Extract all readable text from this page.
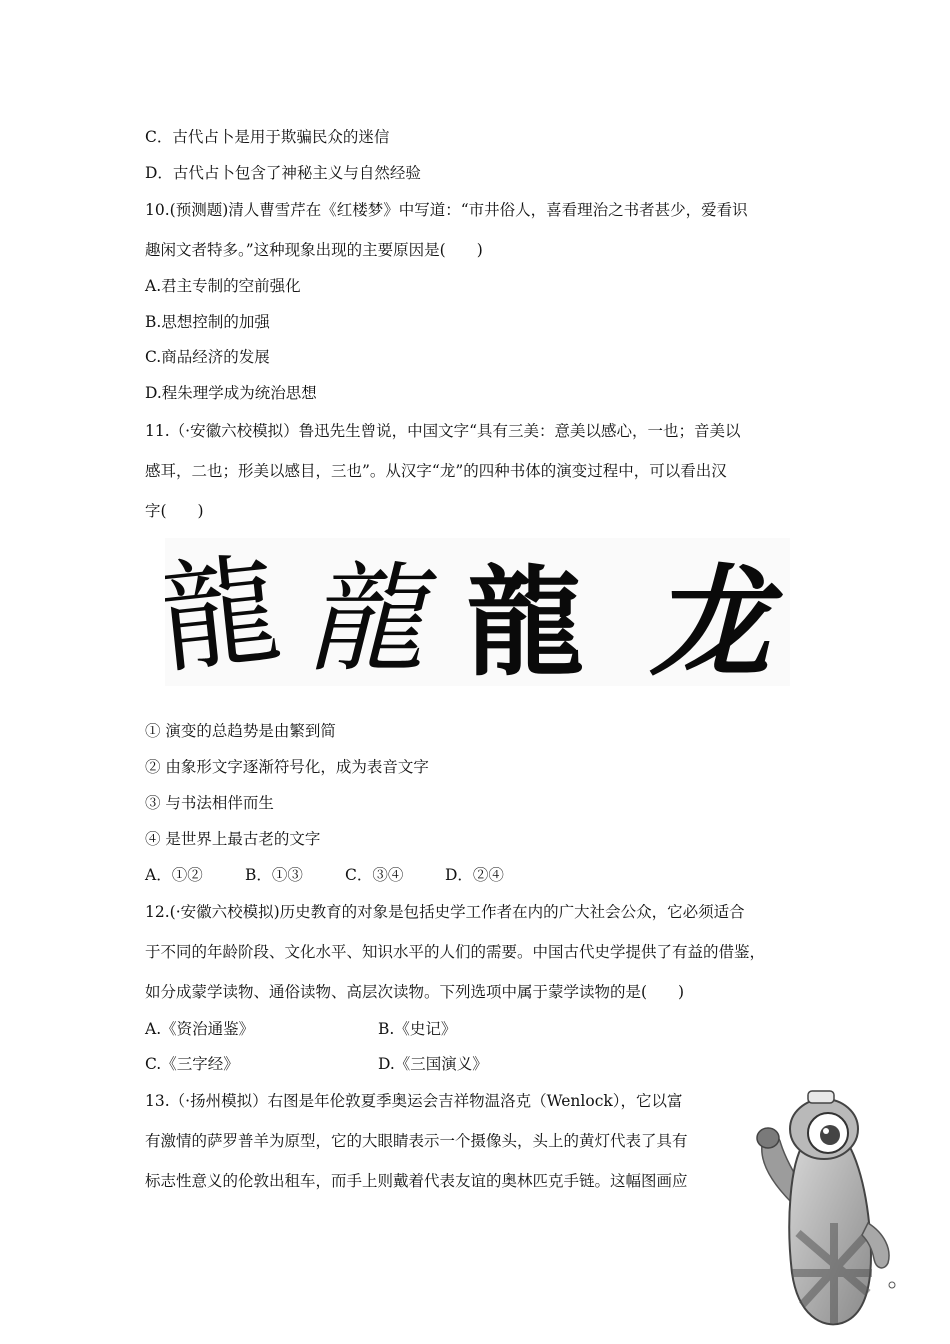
C．古代占卜是用于欺骗民众的迷信
D．古代占卜包含了神秘主义与自然经验
10.(预测题)清人曹雪芹在《红楼梦》中写道：“市井俗人，喜看理治之书者甚少，爱看识
趣闲文者特多。”这种现象出现的主要原因是(　　)
A.君主专制的空前强化
B.思想控制的加强
C.商品经济的发展
D.程朱理学成为统治思想
11.（·安徽六校模拟）鲁迅先生曾说，中国文字“具有三美：意美以感心，一也；音美以
感耳，二也；形美以感目，三也”。从汉字“龙”的四种书体的演变过程中，可以看出汉
字(　　)
龍 龍 龍 龙
① 演变的总趋势是由繁到简
② 由象形文字逐渐符号化，成为表音文字
③ 与书法相伴而生
④ 是世界上最古老的文字
A．①②	B．①③	C．③④	D．②④
12.(·安徽六校模拟)历史教育的对象是包括史学工作者在内的广大社会公众，它必须适合
于不同的年龄阶段、文化水平、知识水平的人们的需要。中国古代史学提供了有益的借鉴，
如分成蒙学读物、通俗读物、高层次读物。下列选项中属于蒙学读物的是(　　)
A.《资治通鉴》	B.《史记》
C.《三字经》	D.《三国演义》
13.（·扬州模拟）右图是年伦敦夏季奥运会吉祥物温洛克（Wenlock），它以富
有激情的萨罗普羊为原型，它的大眼睛表示一个摄像头，头上的黄灯代表了具有
标志性意义的伦敦出租车，而手上则戴着代表友谊的奥林匹克手链。这幅图画应
